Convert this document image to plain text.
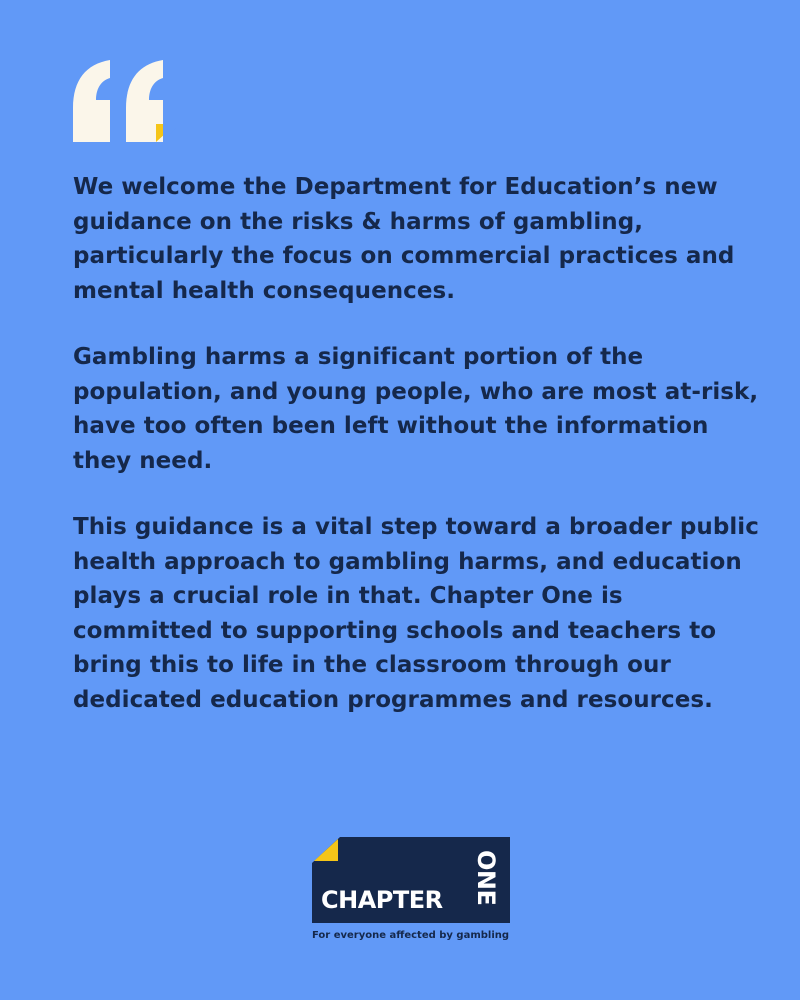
We welcome the Department for Education’s new guidance on the risks & harms of gambling, particularly the focus on commercial practices and mental health consequences.

Gambling harms a significant portion of the population, and young people, who are most at-risk, have too often been left without the information they need.

This guidance is a vital step toward a broader public health approach to gambling harms, and education plays a crucial role in that. Chapter One is committed to supporting schools and teachers to bring this to life in the classroom through our dedicated education programmes and resources.

CHAPTER ONE
For everyone affected by gambling
